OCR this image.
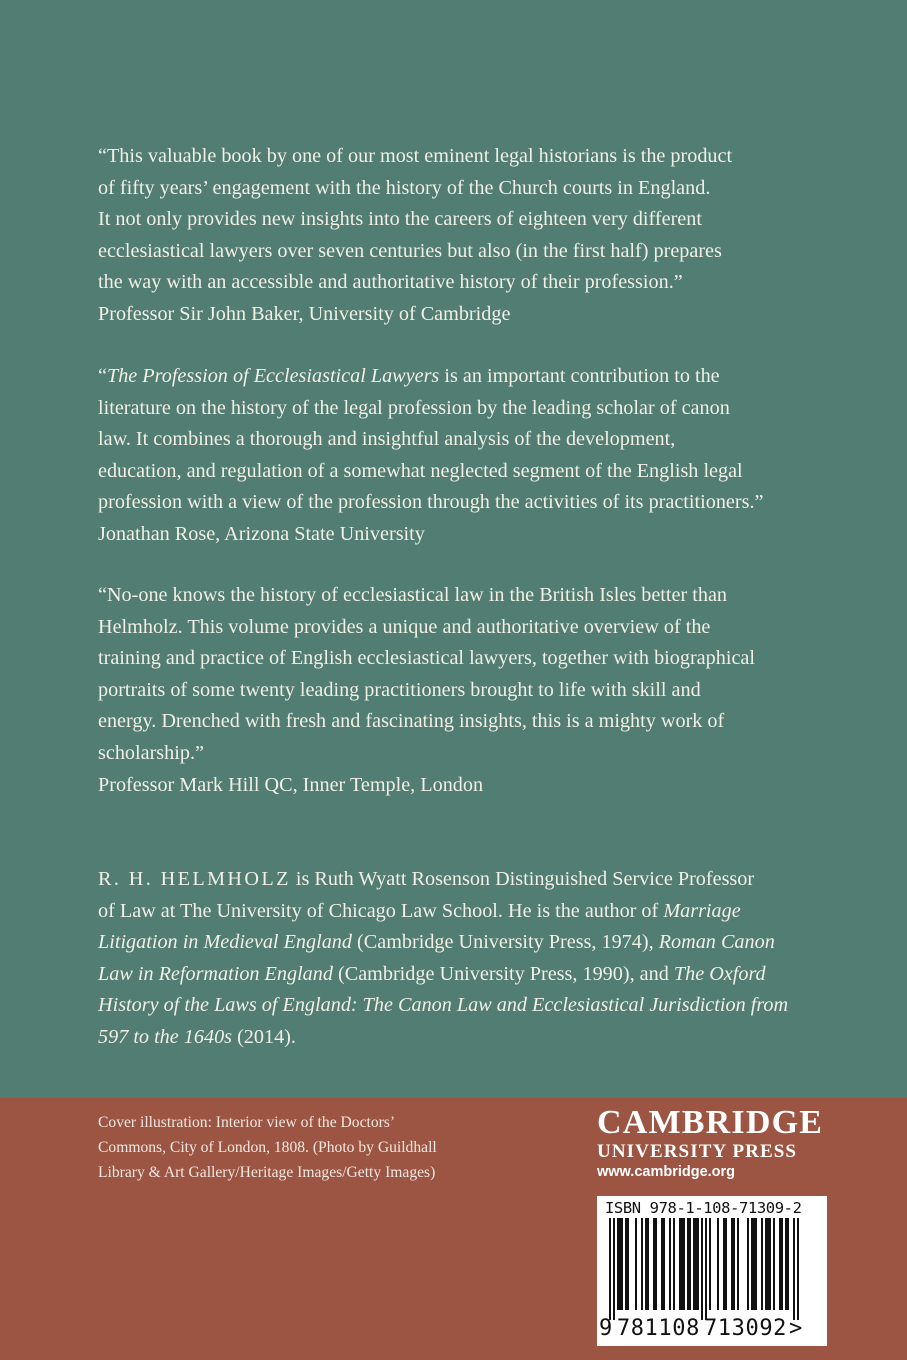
“This valuable book by one of our most eminent legal historians is the product
of fifty years’ engagement with the history of the Church courts in England.
It not only provides new insights into the careers of eighteen very different
ecclesiastical lawyers over seven centuries but also (in the first half) prepares
the way with an accessible and authoritative history of their profession.”
Professor Sir John Baker, University of Cambridge
“The Profession of Ecclesiastical Lawyers is an important contribution to the
literature on the history of the legal profession by the leading scholar of canon
law. It combines a thorough and insightful analysis of the development,
education, and regulation of a somewhat neglected segment of the English legal
profession with a view of the profession through the activities of its practitioners.”
Jonathan Rose, Arizona State University
“No-one knows the history of ecclesiastical law in the British Isles better than
Helmholz. This volume provides a unique and authoritative overview of the
training and practice of English ecclesiastical lawyers, together with biographical
portraits of some twenty leading practitioners brought to life with skill and
energy. Drenched with fresh and fascinating insights, this is a mighty work of
scholarship.”
Professor Mark Hill QC, Inner Temple, London
R. H. HELMHOLZ is Ruth Wyatt Rosenson Distinguished Service Professor
of Law at The University of Chicago Law School. He is the author of Marriage
Litigation in Medieval England (Cambridge University Press, 1974), Roman Canon
Law in Reformation England (Cambridge University Press, 1990), and The Oxford
History of the Laws of England: The Canon Law and Ecclesiastical Jurisdiction from
597 to the 1640s (2014).
Cover illustration: Interior view of the Doctors’
Commons, City of London, 1808. (Photo by Guildhall
Library & Art Gallery/Heritage Images/Getty Images)
CAMBRIDGE
UNIVERSITY PRESS
www.cambridge.org
ISBN 978-1-108-71309-2
9 781108 713092>
